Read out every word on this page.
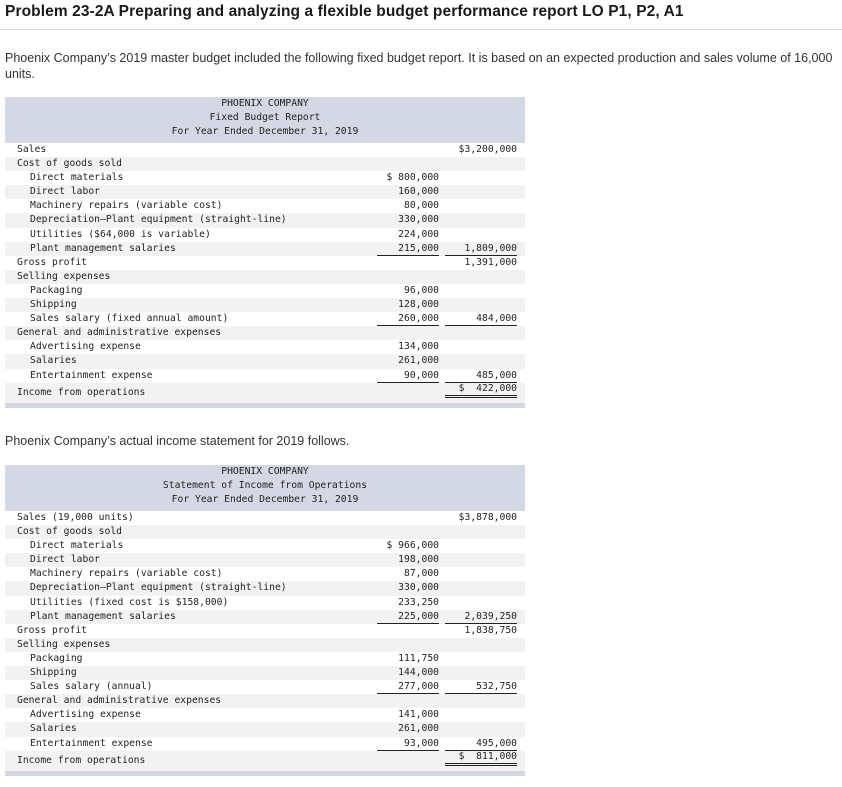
Problem 23-2A Preparing and analyzing a flexible budget performance report LO P1, P2, A1
Phoenix Company’s 2019 master budget included the following fixed budget report. It is based on an expected production and sales volume of 16,000 units.
PHOENIX COMPANY
Fixed Budget Report
For Year Ended December 31, 2019
Sales	$3,200,000
Cost of goods sold
Direct materials	$ 800,000
Direct labor	160,000
Machinery repairs (variable cost)	80,000
Depreciation—Plant equipment (straight-line)	330,000
Utilities ($64,000 is variable)	224,000
Plant management salaries	215,000	1,809,000
Gross profit	1,391,000
Selling expenses
Packaging	96,000
Shipping	128,000
Sales salary (fixed annual amount)	260,000	484,000
General and administrative expenses
Advertising expense	134,000
Salaries	261,000
Entertainment expense	90,000	485,000
Income from operations	$  422,000
Phoenix Company’s actual income statement for 2019 follows.
PHOENIX COMPANY
Statement of Income from Operations
For Year Ended December 31, 2019
Sales (19,000 units)	$3,878,000
Cost of goods sold
Direct materials	$ 966,000
Direct labor	198,000
Machinery repairs (variable cost)	87,000
Depreciation—Plant equipment (straight-line)	330,000
Utilities (fixed cost is $158,000)	233,250
Plant management salaries	225,000	2,039,250
Gross profit	1,838,750
Selling expenses
Packaging	111,750
Shipping	144,000
Sales salary (annual)	277,000	532,750
General and administrative expenses
Advertising expense	141,000
Salaries	261,000
Entertainment expense	93,000	495,000
Income from operations	$  811,000
